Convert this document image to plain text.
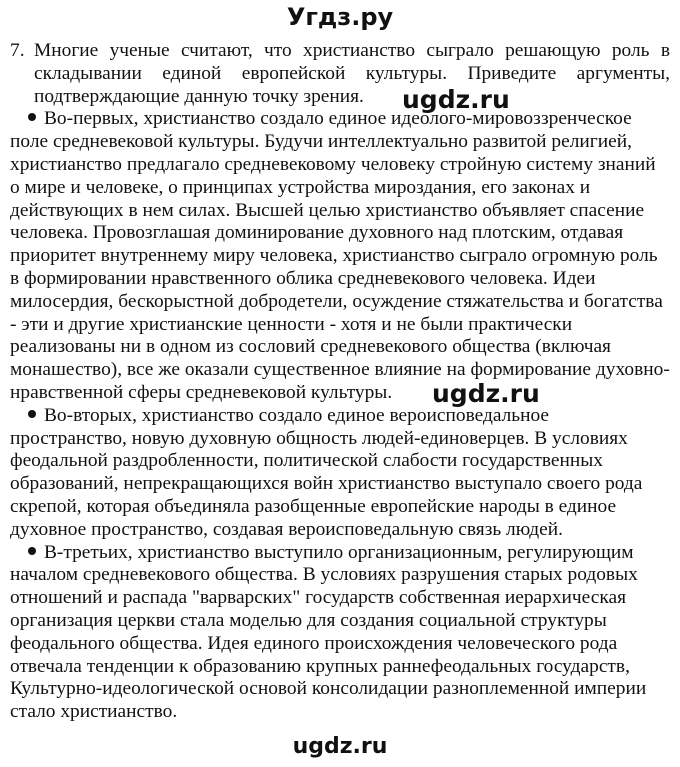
Угдз.ру
7. Многие ученые считают, что христианство сыграло решающую роль в складывании единой европейской культуры. Приведите аргументы, подтверждающие данную точку зрения.
Во-первых, христианство создало единое идеолого-мировоззренческое поле средневековой культуры. Будучи интеллектуально развитой религией, христианство предлагало средневековому человеку стройную систему знаний о мире и человеке, о принципах устройства мироздания, его законах и действующих в нем силах. Высшей целью христианство объявляет спасение человека. Провозглашая доминирование духовного над плотским, отдавая приоритет внутреннему миру человека, христианство сыграло огромную роль в формировании нравственного облика средневекового человека. Идеи милосердия, бескорыстной добродетели, осуждение стяжательства и богатства - эти и другие христианские ценности - хотя и не были практически реализованы ни в одном из сословий средневекового общества (включая монашество), все же оказали существенное влияние на формирование духовно-нравственной сферы средневековой культуры.
Во-вторых, христианство создало единое вероисповедальное пространство, новую духовную общность людей-единоверцев. В условиях феодальной раздробленности, политической слабости государственных образований, непрекращающихся войн христианство выступало своего рода скрепой, которая объединяла разобщенные европейские народы в единое духовное пространство, создавая вероисповедальную связь людей.
В-третьих, христианство выступило организационным, регулирующим началом средневекового общества. В условиях разрушения старых родовых отношений и распада "варварских" государств собственная иерархическая организация церкви стала моделью для создания социальной структуры феодального общества. Идея единого происхождения человеческого рода отвечала тенденции к образованию крупных раннефеодальных государств, Культурно-идеологической основой консолидации разноплеменной империи стало христианство.
ugdz.ru
ugdz.ru
ugdz.ru
